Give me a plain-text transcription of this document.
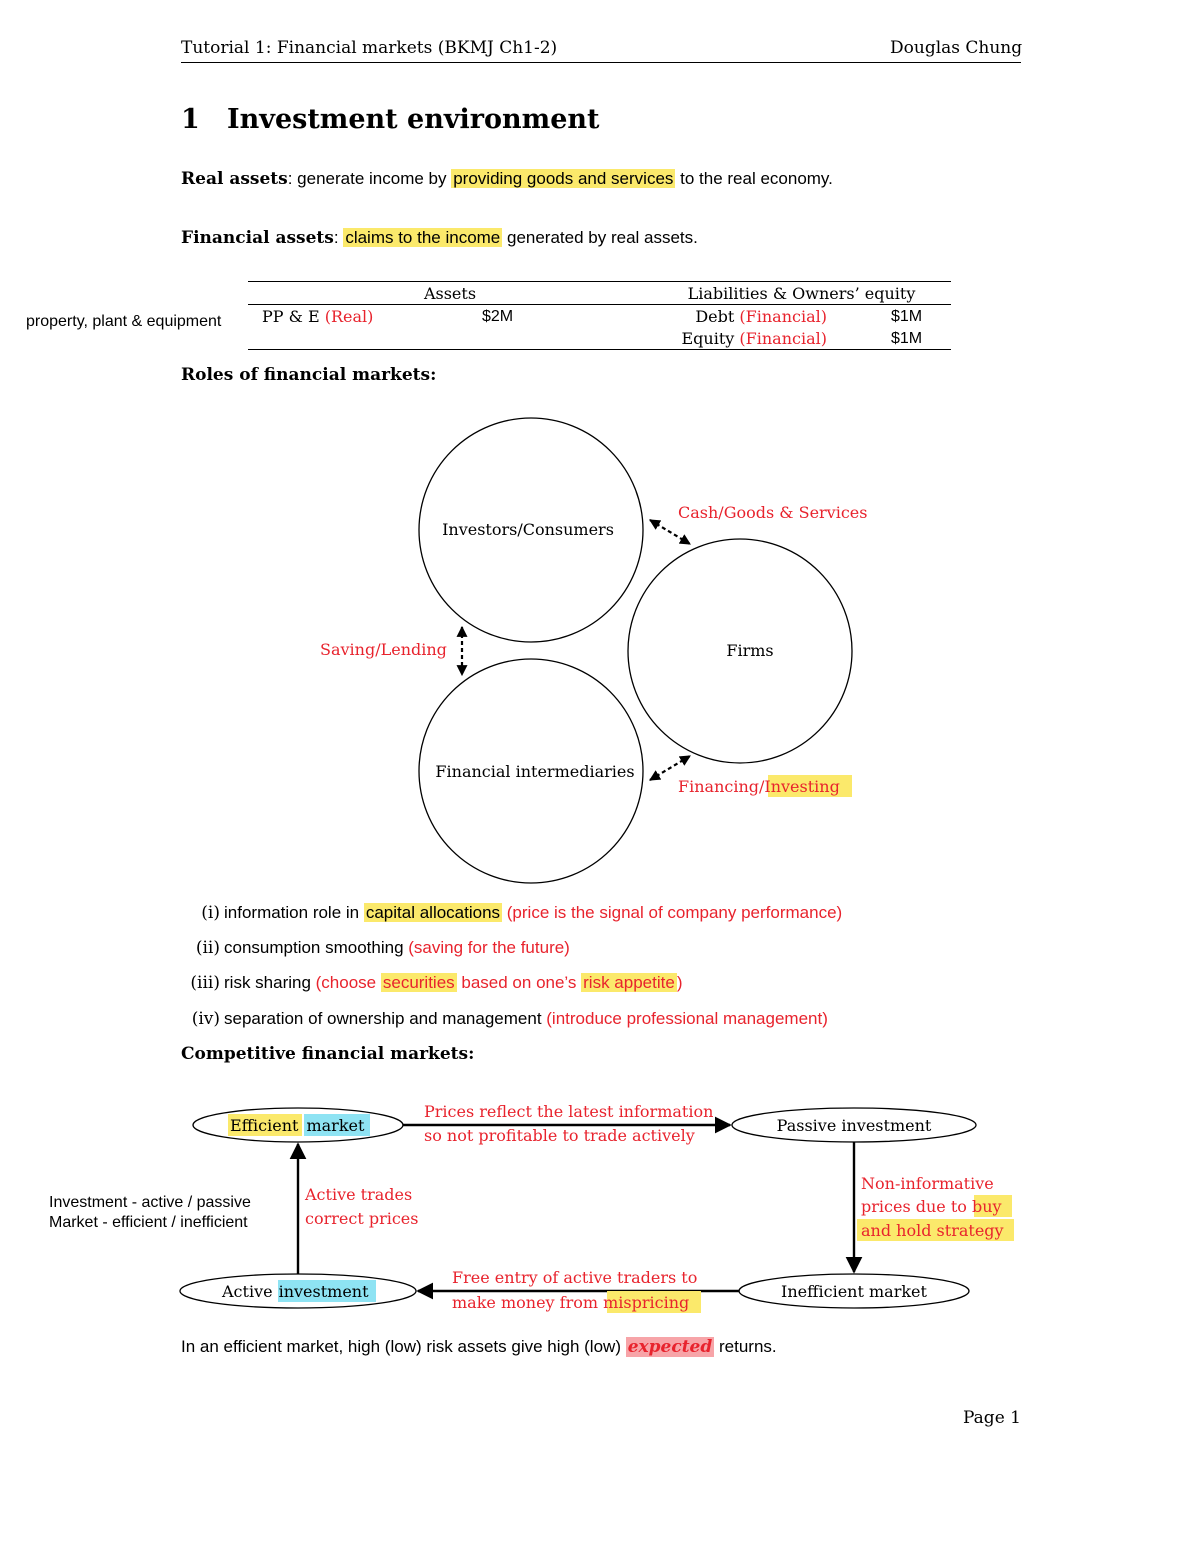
Tutorial 1: Financial markets (BKMJ Ch1-2)	Douglas Chung
1 Investment environment
Real assets: generate income by providing goods and services to the real economy.
Financial assets: claims to the income generated by real assets.
property, plant & equipment
Assets			Liabilities & Owners’ equity		
PP & E (Real)	$2M		Debt (Financial)	$1M	
			Equity (Financial)	$1M	
Roles of financial markets:
Investors/Consumers
Firms
Financial intermediaries
Cash/Goods & Services
Saving/Lending
Financing/Investing
Efficient market	Passive investment
Inefficient market
Active investment
Prices reflect the latest information
so not profitable to trade actively
Non-informative
prices due to buy
and hold strategy
Free entry of active traders to
make money from mispricing
Active trades
correct prices
Investment - active / passive
Market - efficient / inefficient
(i) information role in capital allocations (price is the signal of company performance)
(ii) consumption smoothing (saving for the future)
(iii) risk sharing (choose securities based on one’s risk appetite )
(iv) separation of ownership and management (introduce professional management)
Competitive financial markets:
In an efficient market, high (low) risk assets give high (low) expected returns.
Page 1
